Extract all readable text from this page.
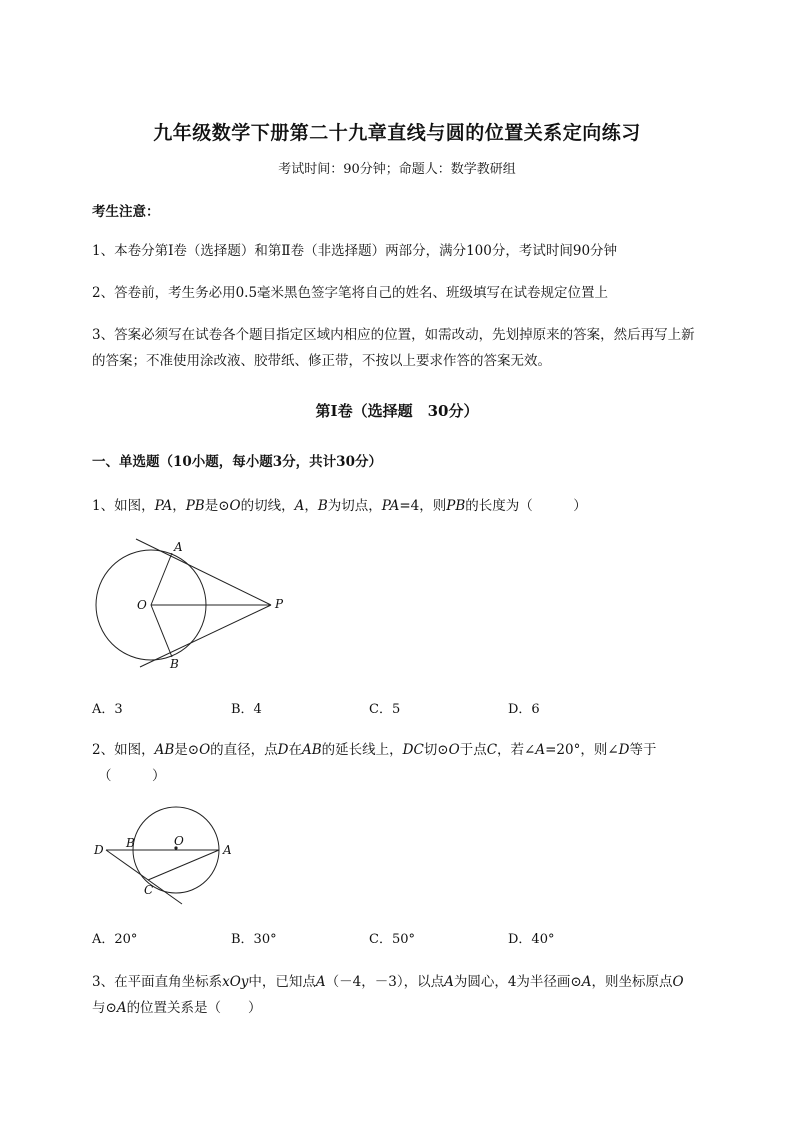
九年级数学下册第二十九章直线与圆的位置关系定向练习
考试时间：90分钟；命题人：数学教研组
考生注意：
1、本卷分第Ⅰ卷（选择题）和第Ⅱ卷（非选择题）两部分，满分100分，考试时间90分钟
2、答卷前，考生务必用0.5毫米黑色签字笔将自己的姓名、班级填写在试卷规定位置上
3、答案必须写在试卷各个题目指定区域内相应的位置，如需改动，先划掉原来的答案，然后再写上新
的答案；不准使用涂改液、胶带纸、修正带，不按以上要求作答的答案无效。
第Ⅰ卷（选择题　30分）
一、单选题（10小题，每小题3分，共计30分）
1、如图，PA，PB是⊙O的切线，A，B为切点，PA=4，则PB的长度为（　　　）
A
B
O	P
A．3	B．4	C．5	D．6
2、如图，AB是⊙O的直径，点D在AB的延长线上，DC切⊙O于点C，若∠A=20°，则∠D等于
（　　　）
D B	O
A
C
A．20°	B．30°	C．50°	D．40°
3、在平面直角坐标系xOy中，已知点A（－4，－3），以点A为圆心，4为半径画⊙A，则坐标原点O
与⊙A的位置关系是（　　）
